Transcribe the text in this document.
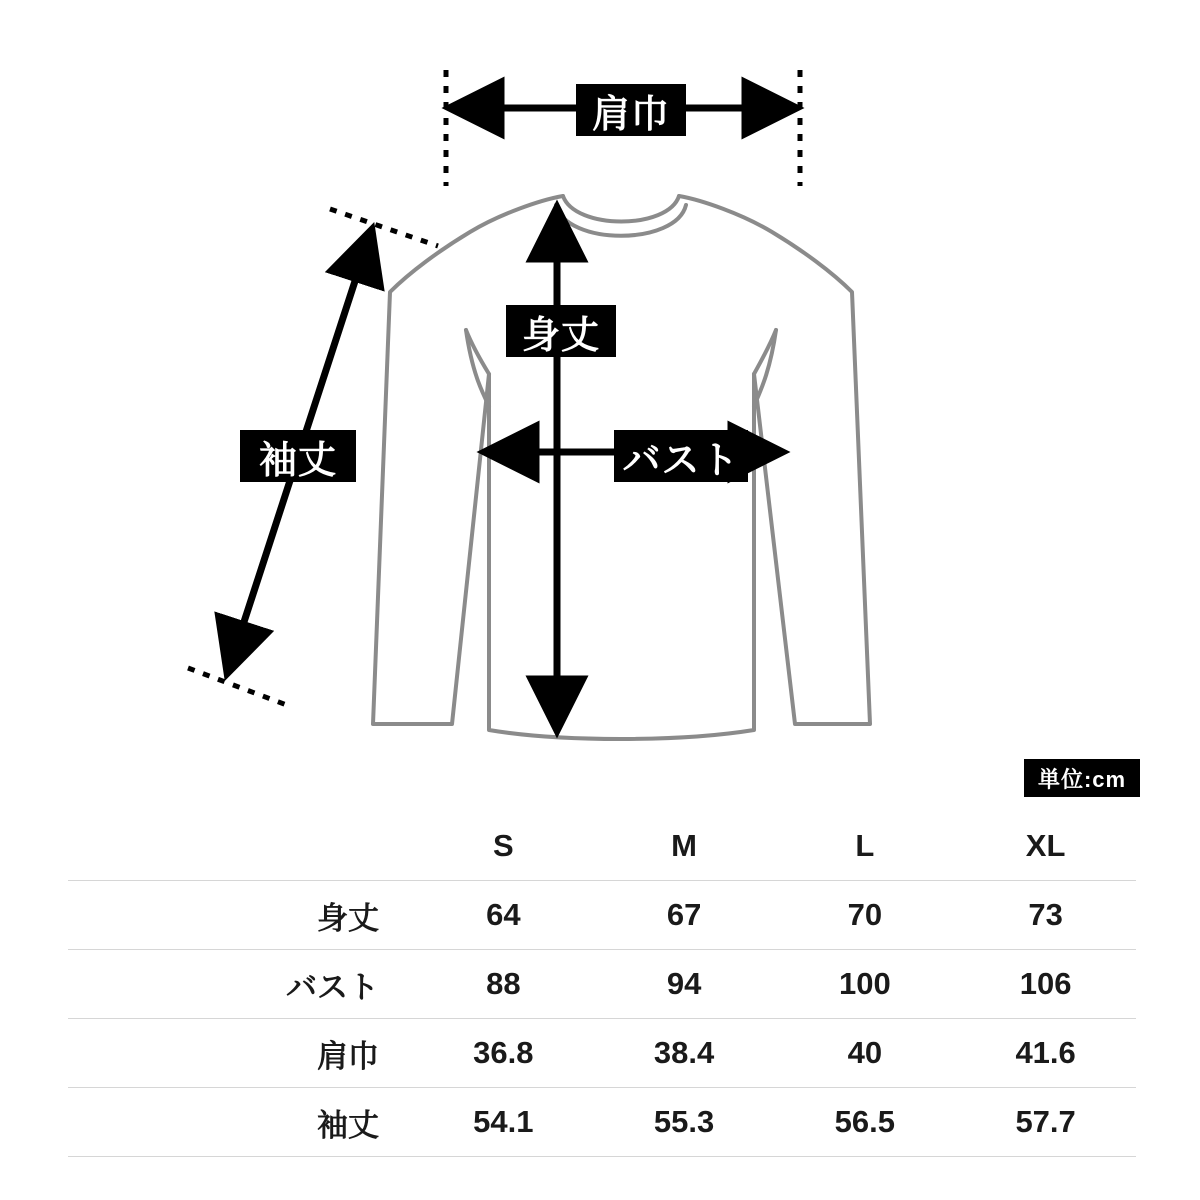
肩巾
身丈
バスト
袖丈
単位:cm
	S	M	L	XL
身丈	64	67	70	73
バスト	88	94	100	106
肩巾	36.8	38.4	40	41.6
袖丈	54.1	55.3	56.5	57.7
